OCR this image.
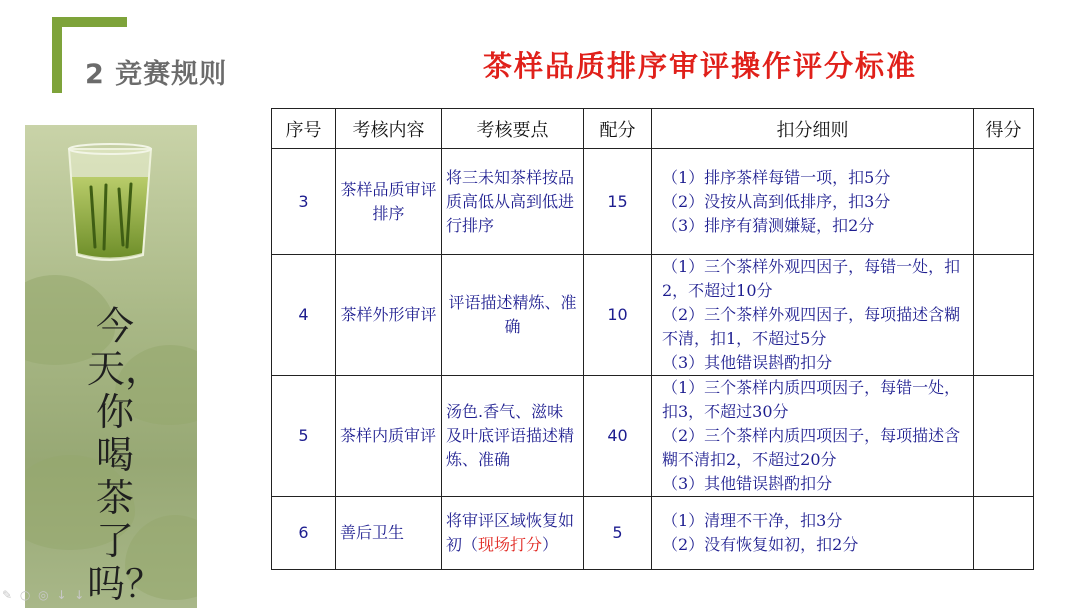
2 竞赛规则	茶样品质排序审评操作评分标准
今天，你喝茶了吗？
✎ ○ ◎ ↓ ↓
序号	考核内容	考核要点	配分	扣分细则	得分
3	茶样品质审评排序	将三未知茶样按品质高低从高到低进行排序	15	（1）排序茶样每错一项，扣5分
（2）没按从高到低排序，扣3分
（3）排序有猜测嫌疑，扣2分	

4	茶样外形审评	评语描述精炼、准确	10	（1）三个茶样外观四因子，每错一处，扣2，不超过10分
（2）三个茶样外观四因子，每项描述含糊不清，扣1，不超过5分
（3）其他错误斟酌扣分	

5	茶样内质审评	汤色.香气、滋味及叶底评语描述精炼、准确	40	（1）三个茶样内质四项因子，每错一处，扣3，不超过30分
（2）三个茶样内质四项因子，每项描述含糊不清扣2，不超过20分
（3）其他错误斟酌扣分	

6	善后卫生	将审评区域恢复如初（现场打分）	5	（1）清理不干净，扣3分
（2）没有恢复如初，扣2分	
